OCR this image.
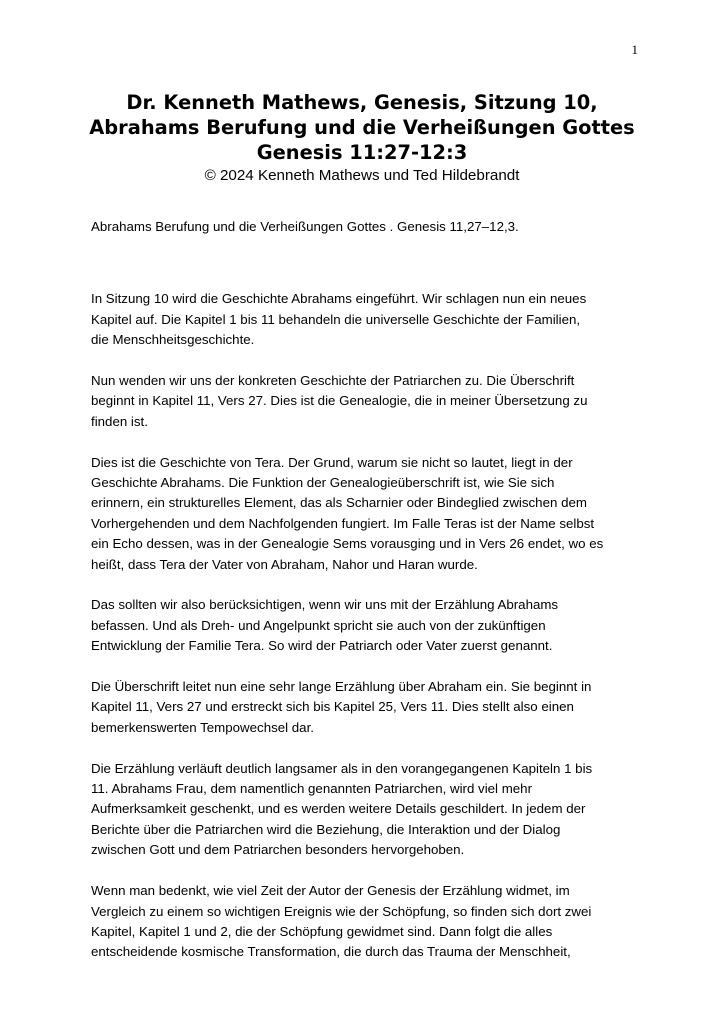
1
Dr. Kenneth Mathews, Genesis, Sitzung 10,
Abrahams Berufung und die Verheißungen Gottes
Genesis 11:27-12:3
© 2024 Kenneth Mathews und Ted Hildebrandt

Abrahams Berufung und die Verheißungen Gottes . Genesis 11,27–12,3.

In Sitzung 10 wird die Geschichte Abrahams eingeführt. Wir schlagen nun ein neues
Kapitel auf. Die Kapitel 1 bis 11 behandeln die universelle Geschichte der Familien,
die Menschheitsgeschichte.

Nun wenden wir uns der konkreten Geschichte der Patriarchen zu. Die Überschrift
beginnt in Kapitel 11, Vers 27. Dies ist die Genealogie, die in meiner Übersetzung zu
finden ist.

Dies ist die Geschichte von Tera. Der Grund, warum sie nicht so lautet, liegt in der
Geschichte Abrahams. Die Funktion der Genealogieüberschrift ist, wie Sie sich
erinnern, ein strukturelles Element, das als Scharnier oder Bindeglied zwischen dem
Vorhergehenden und dem Nachfolgenden fungiert. Im Falle Teras ist der Name selbst
ein Echo dessen, was in der Genealogie Sems vorausging und in Vers 26 endet, wo es
heißt, dass Tera der Vater von Abraham, Nahor und Haran wurde.

Das sollten wir also berücksichtigen, wenn wir uns mit der Erzählung Abrahams
befassen. Und als Dreh- und Angelpunkt spricht sie auch von der zukünftigen
Entwicklung der Familie Tera. So wird der Patriarch oder Vater zuerst genannt.

Die Überschrift leitet nun eine sehr lange Erzählung über Abraham ein. Sie beginnt in
Kapitel 11, Vers 27 und erstreckt sich bis Kapitel 25, Vers 11. Dies stellt also einen
bemerkenswerten Tempowechsel dar.

Die Erzählung verläuft deutlich langsamer als in den vorangegangenen Kapiteln 1 bis
11. Abrahams Frau, dem namentlich genannten Patriarchen, wird viel mehr
Aufmerksamkeit geschenkt, und es werden weitere Details geschildert. In jedem der
Berichte über die Patriarchen wird die Beziehung, die Interaktion und der Dialog
zwischen Gott und dem Patriarchen besonders hervorgehoben.

Wenn man bedenkt, wie viel Zeit der Autor der Genesis der Erzählung widmet, im
Vergleich zu einem so wichtigen Ereignis wie der Schöpfung, so finden sich dort zwei
Kapitel, Kapitel 1 und 2, die der Schöpfung gewidmet sind. Dann folgt die alles
entscheidende kosmische Transformation, die durch das Trauma der Menschheit,
